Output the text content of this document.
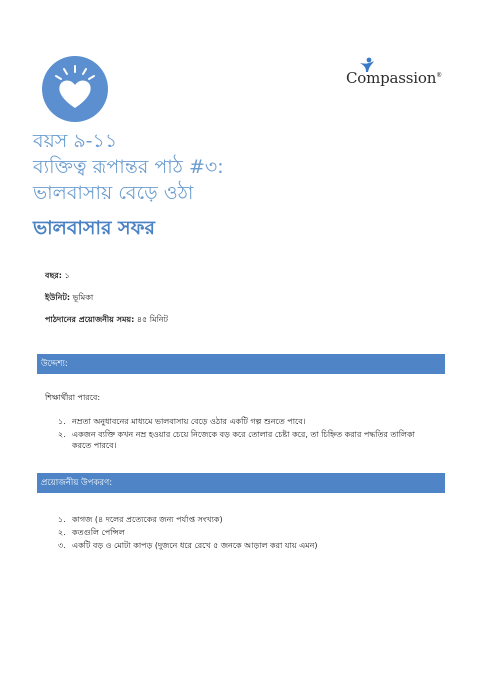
Compassion®
বয়স ৯-১১
ব্যক্তিত্ব রূপান্তর পাঠ #৩:
ভালবাসায় বেড়ে ওঠা
ভালবাসার সফর
বছর: ১
ইউনিট: ভূমিকা
পাঠদানের প্রয়োজনীয় সময়: ৪৫ মিনিট
উদ্দেশ্য:
শিক্ষার্থীরা পারবে:
১. নম্রতা অনুধাবনের মাধ্যমে ভালবাসায় বেড়ে ওঠার একটি গল্প শুনতে পাবে।
২. একজন ব্যক্তি কখন নম্র হওয়ার চেয়ে নিজেকে বড় করে তোলার চেষ্টা করে, তা চিহ্নিত করার পদ্ধতির তালিকা করতে পারবে।
প্রয়োজনীয় উপকরণ:
১. কাগজ (৪ দলের প্রত্যেকের জন্য পর্যাপ্ত সংখ্যক)
২. কতগুলি পেন্সিল
৩. একটি বড় ও মোটা কাপড় (দুজনে ধরে রেখে ৫ জনকে আড়াল করা যায় এমন)
